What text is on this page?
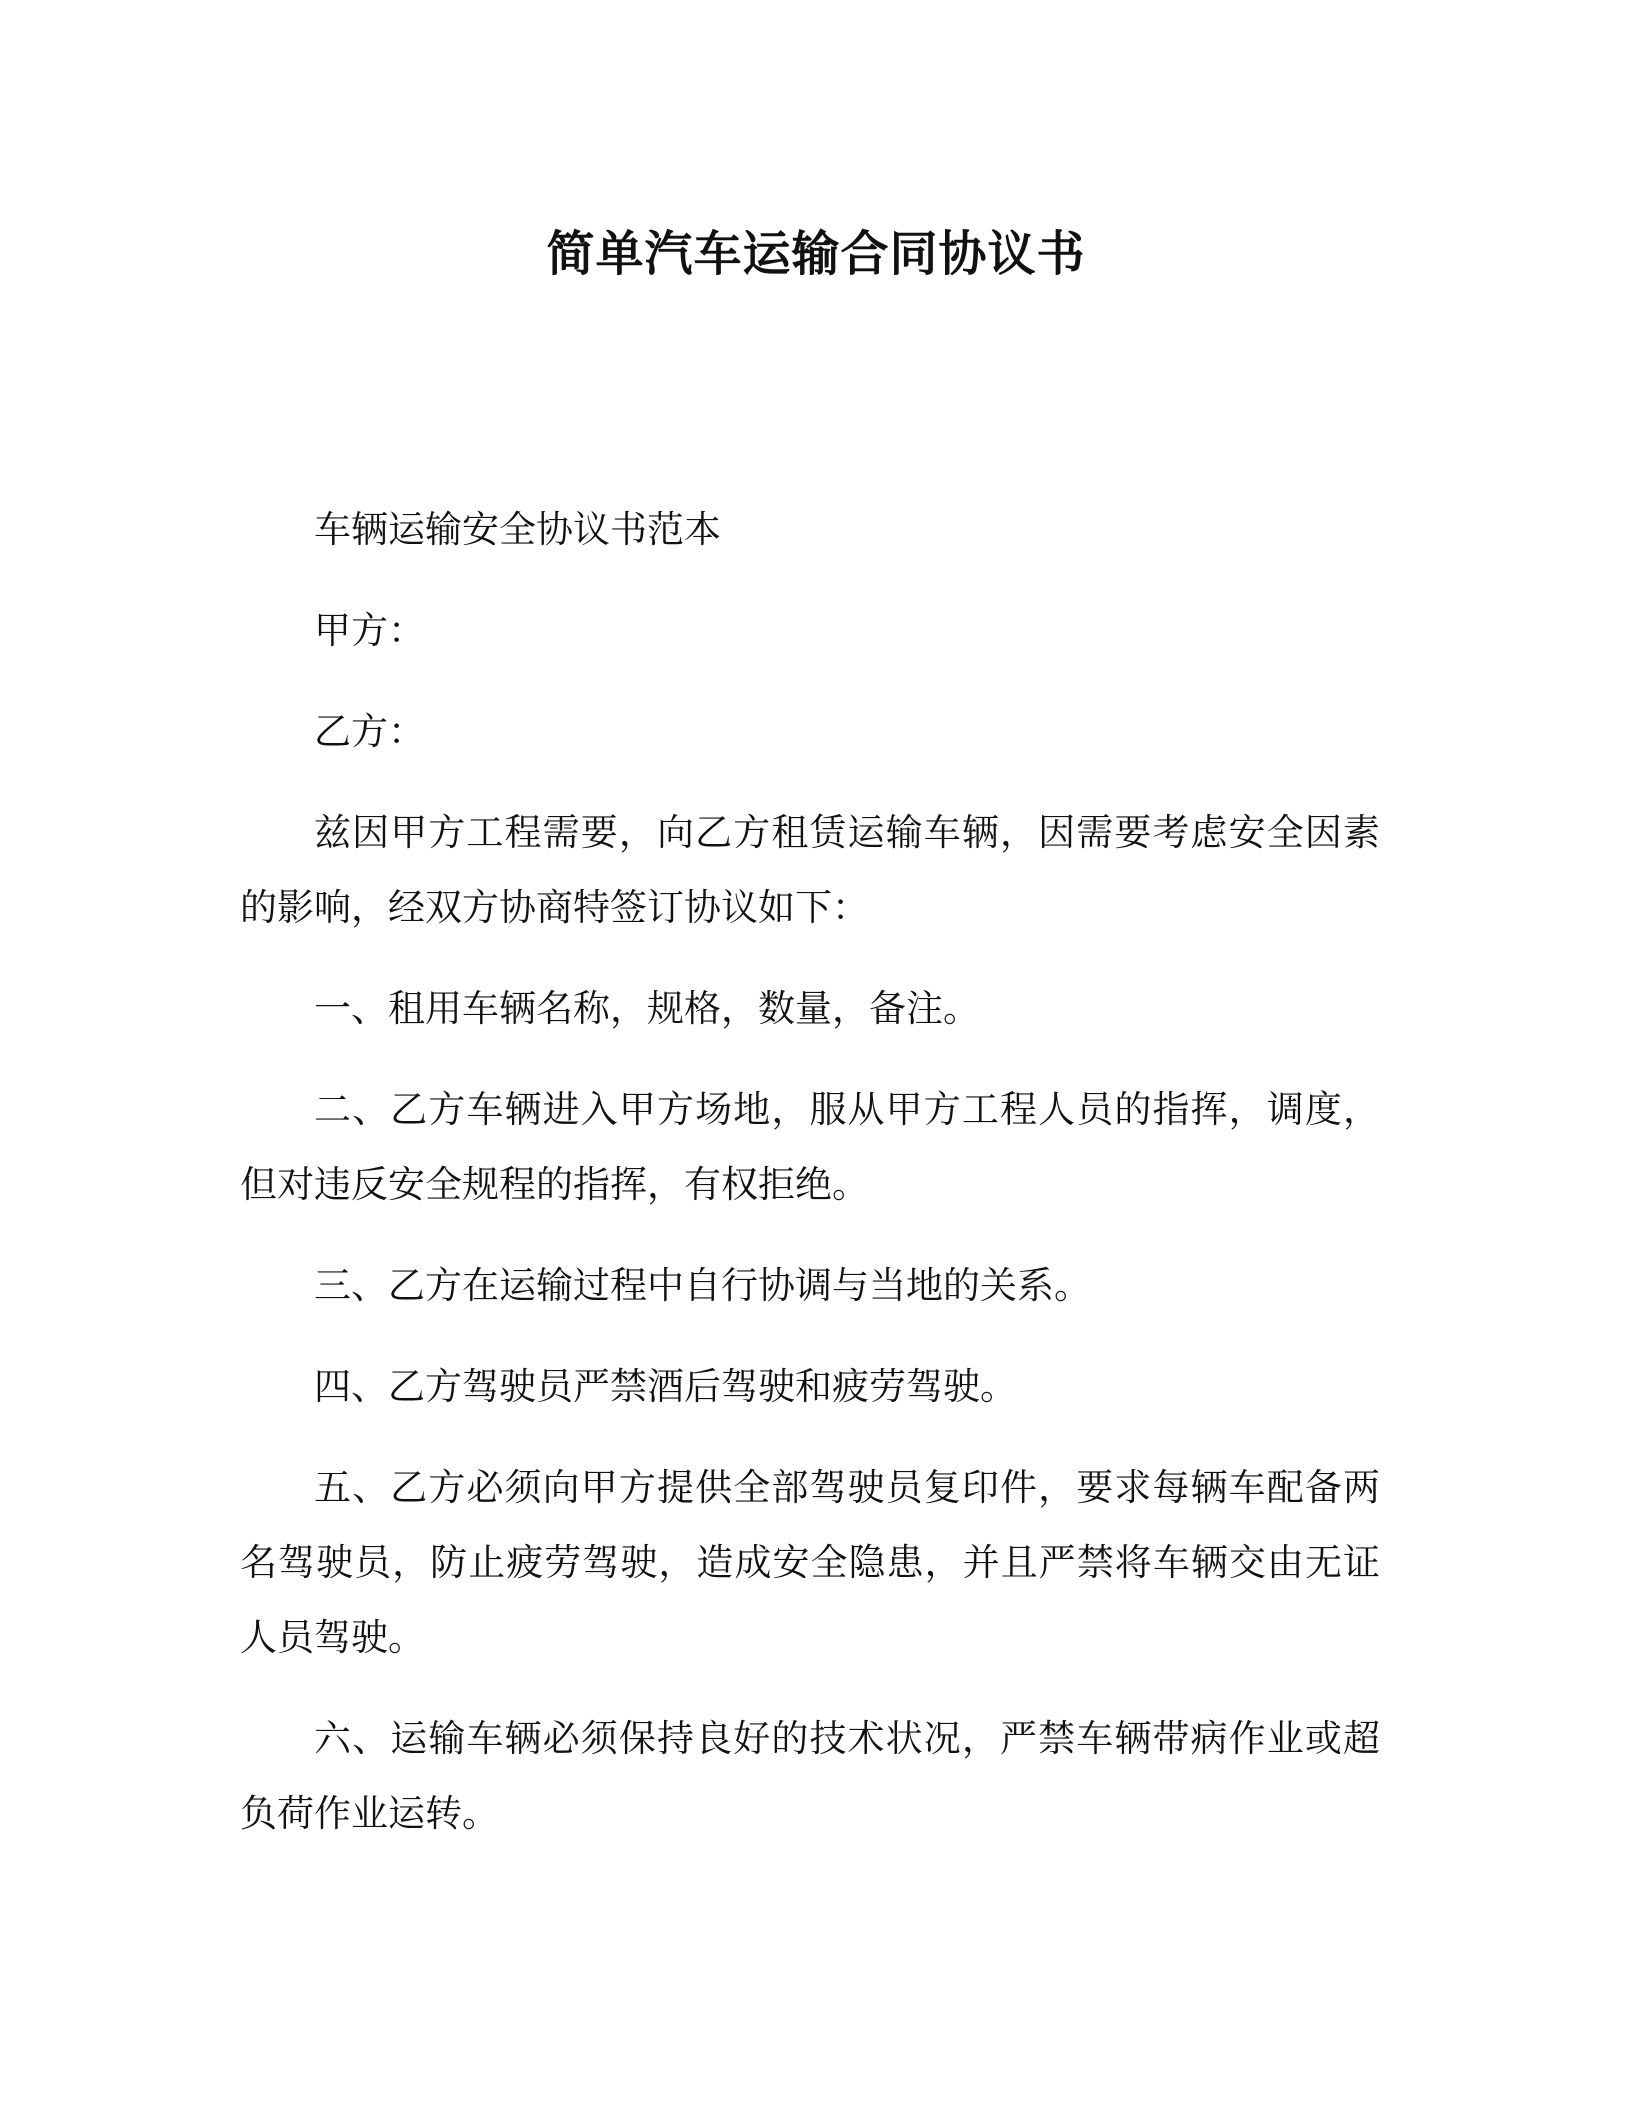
简单汽车运输合同协议书

车辆运输安全协议书范本

甲方：

乙方：

兹因甲方工程需要，向乙方租赁运输车辆，因需要考虑安全因素的影响，经双方协商特签订协议如下：

一、租用车辆名称，规格，数量，备注。

二、乙方车辆进入甲方场地，服从甲方工程人员的指挥，调度，但对违反安全规程的指挥，有权拒绝。

三、乙方在运输过程中自行协调与当地的关系。

四、乙方驾驶员严禁酒后驾驶和疲劳驾驶。

五、乙方必须向甲方提供全部驾驶员复印件，要求每辆车配备两名驾驶员，防止疲劳驾驶，造成安全隐患，并且严禁将车辆交由无证人员驾驶。

六、运输车辆必须保持良好的技术状况，严禁车辆带病作业或超负荷作业运转。
